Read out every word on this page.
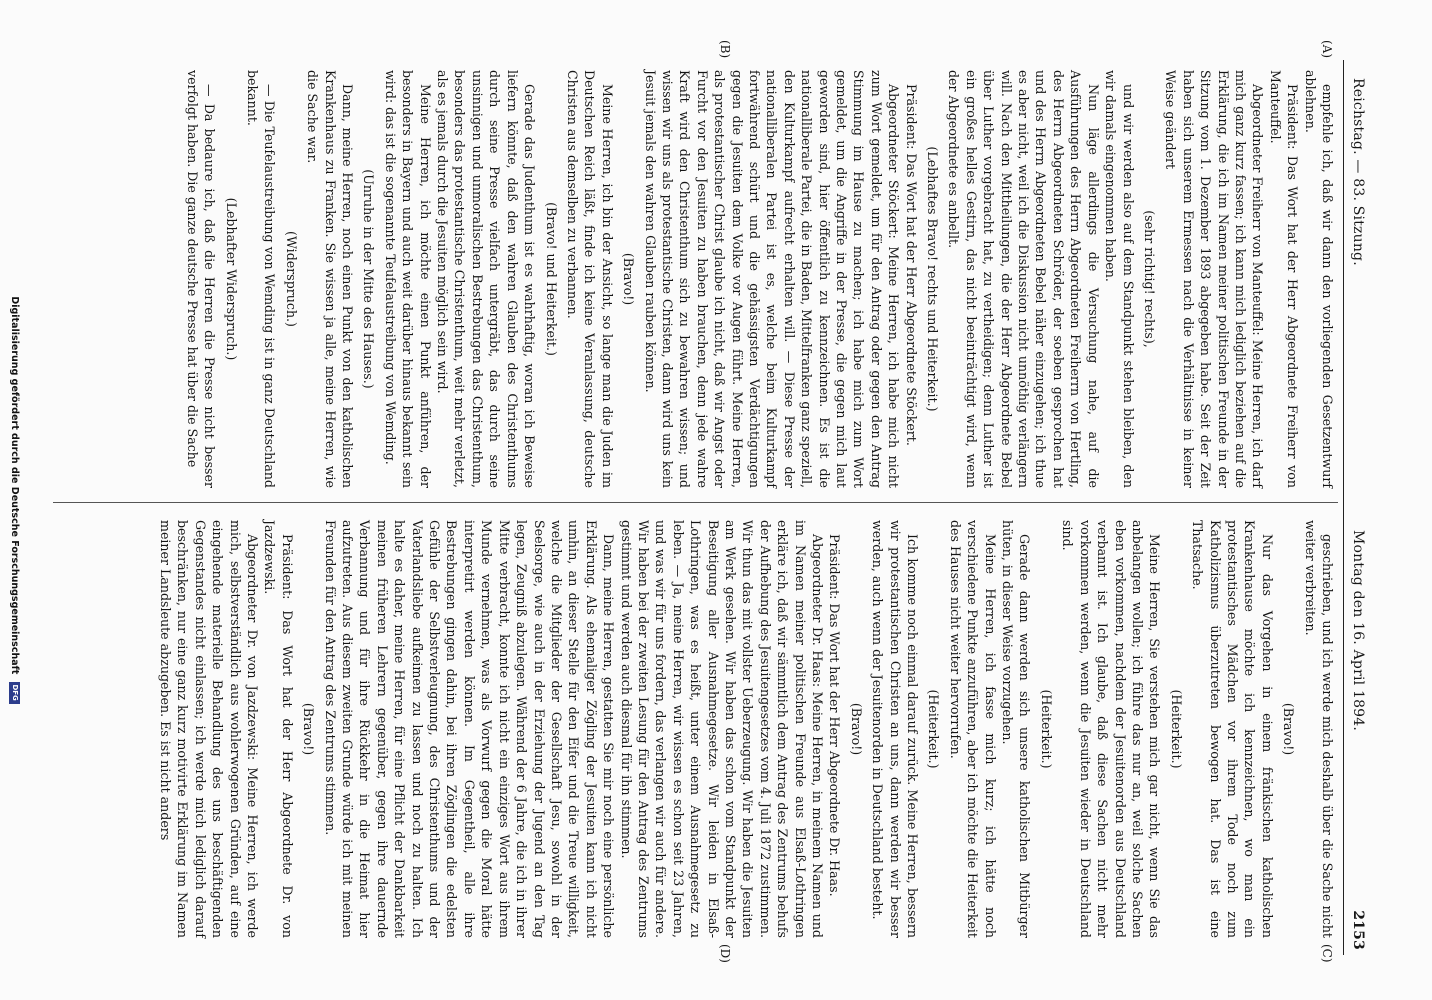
Reichstag. — 83. Sitzung.
Montag den 16. April 1894.
2153
(A)
(B)
(C)
(D)

empfehle ich, daß wir dann den vorliegenden Gesetzentwurf ablehnen.

Präsident: Das Wort hat der Herr Abgeordnete Freiherr von Manteuffel.

Abgeordneter Freiherr von Manteuffel: Meine Herren, ich darf mich ganz kurz fassen; ich kann mich lediglich beziehen auf die Erklärung, die ich im Namen meiner politischen Freunde in der Sitzung vom 1. Dezember 1893 abgegeben habe. Seit der Zeit haben sich unserem Ermessen nach die Verhältnisse in keiner Weise geändert

(sehr richtig! rechts),

und wir werden also auf dem Standpunkt stehen bleiben, den wir damals eingenommen haben.

Nun läge allerdings die Versuchung nahe, auf die Ausführungen des Herrn Abgeordneten Freiherrn von Hertling, des Herrn Abgeordneten Schröder, der soeben gesprochen hat und des Herrn Abgeordneten Bebel näher einzugehen; ich thue es aber nicht, weil ich die Diskussion nicht unnöthig verlängern will. Nach den Mittheilungen, die der Herr Abgeordnete Bebel über Luther vorgebracht hat, zu vertheidigen; denn Luther ist ein großes helles Gestirn, das nicht beeinträchtigt wird, wenn der Abgeordnete es anbellt.

(Lebhaftes Bravo! rechts und Heiterkeit.)

Präsident: Das Wort hat der Herr Abgeordnete Stöckert.

Abgeordneter Stöckert: Meine Herren, ich habe mich nicht zum Wort gemeldet, um für den Antrag oder gegen den Antrag Stimmung im Hause zu machen; ich habe mich zum Wort gemeldet, um die Angriffe in der Presse, die gegen mich laut geworden sind, hier öffentlich zu kennzeichnen. Es ist die nationalliberale Partei, die in Baden, Mittelfranken ganz speziell, den Kulturkampf aufrecht erhalten will. — Diese Presse der nationalliberalen Partei ist es, welche beim Kulturkampf fortwährend schürt und die gehässigsten Verdächtigungen gegen die Jesuiten dem Volke vor Augen führt. Meine Herren, als protestantischer Christ glaube ich nicht, daß wir Angst oder Furcht vor den Jesuiten zu haben brauchen, denn jede wahre Kraft wird den Christenthum sich zu bewahren wissen; und wissen wir uns als protestantische Christen, dann wird uns kein Jesuit jemals den wahren Glauben rauben können.

(Bravo!)

Meine Herren, ich bin der Ansicht, so lange man die Juden im Deutschen Reich läßt, finde ich keine Veranlassung, deutsche Christen aus demselben zu verbannen.

(Bravo! und Heiterkeit.)

Gerade das Judenthum ist es wahrhaftig, woran ich Beweise liefern könnte, daß den wahren Glauben des Christenthums durch seine Presse vielfach untergräbt, das durch seine unsinnigen und unmoralischen Bestrebungen das Christenthum, besonders das protestantische Christenthum, weit mehr verletzt, als es jemals durch die Jesuiten möglich sein wird.

Meine Herren, ich möchte einen Punkt anführen, der besonders in Bayern und auch weit darüber hinaus bekannt sein wird: das ist die sogenannte Teufelaustreibung von Wemding.

(Unruhe in der Mitte des Hauses.)

Dann, meine Herren, noch einen Punkt von den katholischen Krankenhaus zu Franken. Sie wissen ja alle, meine Herren, wie die Sache war.

(Widerspruch.)

— Die Teufelaustreibung von Wemding ist in ganz Deutschland bekannt.

(Lebhafter Widerspruch.)

— Da bedaure ich, daß die Herren die Presse nicht besser verfolgt haben. Die ganze deutsche Presse hat über die Sache

geschrieben, und ich werde mich deshalb über die Sache nicht weiter verbreiten.

(Bravo!)

Nur das Vorgehen in einem fränkischen katholischen Krankenhause möchte ich kennzeichnen, wo man ein protestantisches Mädchen vor ihrem Tode noch zum Katholizismus überzutreten bewogen hat. Das ist eine Thatsache.

(Heiterkeit.)

Meine Herren, Sie verstehen mich gar nicht, wenn Sie das anbelangen wollen; ich führe das nur an, weil solche Sachen eben vorkommen, nachdem der Jesuitenorden aus Deutschland verbannt ist. Ich glaube, daß diese Sachen nicht mehr vorkommen werden, wenn die Jesuiten wieder in Deutschland sind.

(Heiterkeit.)

Gerade dann werden sich unsere katholischen Mitbürger hüten, in dieser Weise vorzugehen.

Meine Herren, ich fasse mich kurz; ich hätte noch verschiedene Punkte anzuführen, aber ich möchte die Heiterkeit des Hauses nicht weiter hervorrufen.

(Heiterkeit.)

Ich komme noch einmal darauf zurück. Meine Herren, bessern wir protestantischen Christen an uns, dann werden wir besser werden, auch wenn der Jesuitenorden in Deutschland besteht.

(Bravo!)

Präsident: Das Wort hat der Herr Abgeordnete Dr. Haas.

Abgeordneter Dr. Haas: Meine Herren, in meinem Namen und im Namen meiner politischen Freunde aus Elsaß-Lothringen erkläre ich, daß wir sämmtlich dem Antrag des Zentrums behufs der Aufhebung des Jesuitengesetzes vom 4. Juli 1872 zustimmen. Wir thun das mit vollster Ueberzeugung. Wir haben die Jesuiten am Werk gesehen. Wir haben das schon vom Standpunkt der Beseitigung aller Ausnahmegesetze. Wir leiden in Elsaß-Lothringen, was es heißt, unter einem Ausnahmegesetz zu leben. — Ja, meine Herren, wir wissen es schon seit 23 Jahren, und was wir für uns fordern, das verlangen wir auch für andere. Wir haben bei der zweiten Lesung für den Antrag des Zentrums gestimmt und werden auch diesmal für ihn stimmen.

Dann, meine Herren, gestatten Sie mir noch eine persönliche Erklärung. Als ehemaliger Zögling der Jesuiten kann ich nicht umhin, an dieser Stelle für den Eifer und die Treue willigkeit, welche die Mitglieder der Gesellschaft Jesu, sowohl in der Seelsorge, wie auch in der Erziehung der Jugend an den Tag legen, Zeugniß abzulegen. Während der 6 Jahre, die ich in ihrer Mitte verbracht, konnte ich nicht ein einziges Wort aus ihrem Munde vernehmen, was als Vorwurf gegen die Moral hätte interpretirt werden können. Im Gegentheil, alle ihre Bestrebungen gingen dahin, bei ihren Zöglingen die edelsten Gefühle der Selbstverleugnung, des Christenthums und der Vaterlandsliebe aufkeimen zu lassen und noch zu halten. Ich halte es daher, meine Herren, für eine Pflicht der Dankbarkeit meinen früheren Lehrern gegenüber, gegen ihre dauernde Verbannung und für ihre Rückkehr in die Heimat hier aufzutreten. Aus diesem zweiten Grunde würde ich mit meinen Freunden für den Antrag des Zentrums stimmen.

(Bravo!)

Präsident: Das Wort hat der Herr Abgeordnete Dr. von Jazdzewski.

Abgeordneter Dr. von Jazdzewski: Meine Herren, ich werde mich, selbstverständlich aus wohlerwogenen Gründen, auf eine eingehende materielle Behandlung des uns beschäftigenden Gegenstandes nicht einlassen; ich werde mich lediglich darauf beschränken, nur eine ganz kurz motivirte Erklärung im Namen meiner Landsleute abzugeben. Es ist nicht anders

Digitalisierung gefördert durch die Deutsche Forschungsgemeinschaft DFG
